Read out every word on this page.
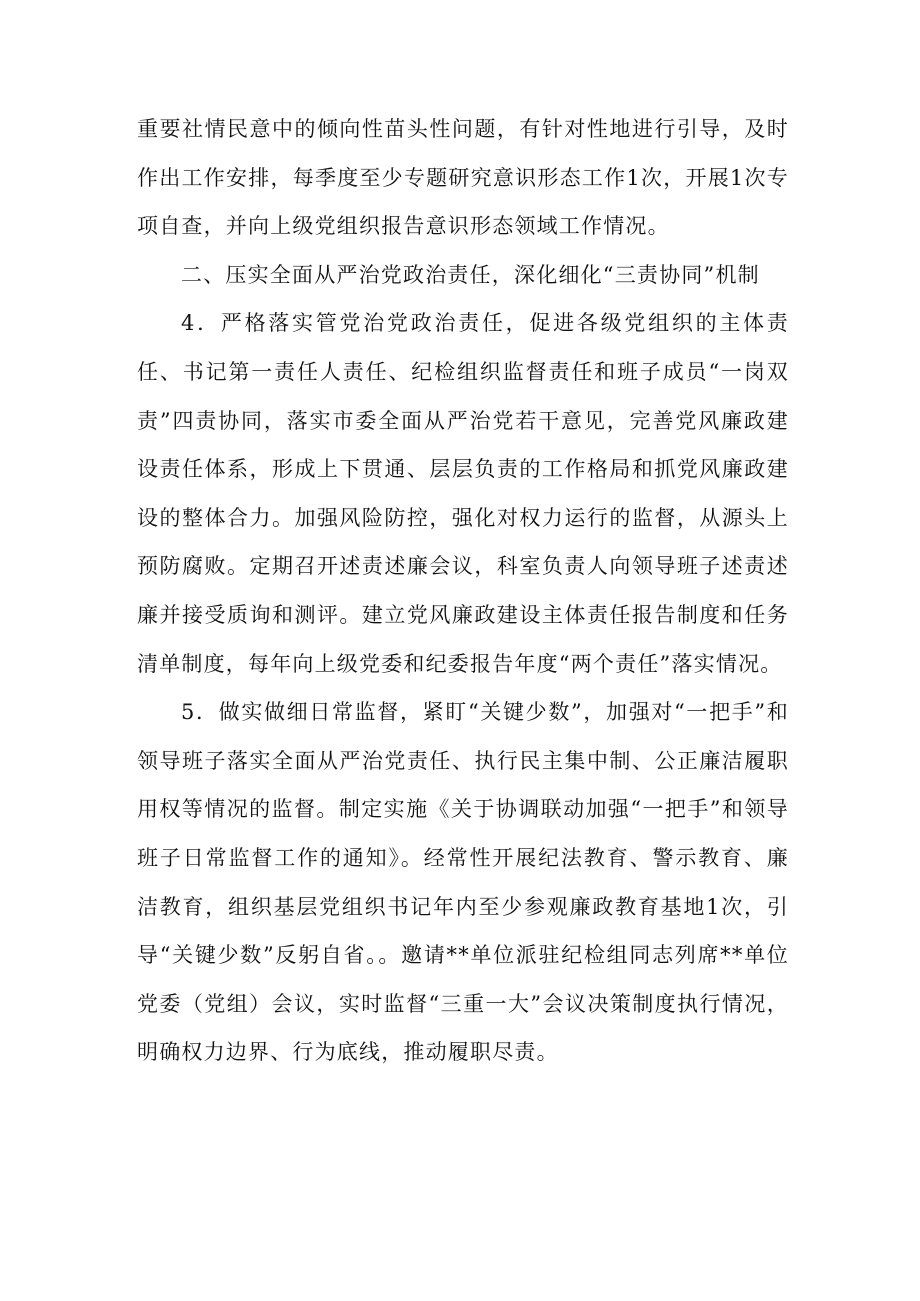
重要社情民意中的倾向性苗头性问题，有针对性地进行引导，及时作出工作安排，每季度至少专题研究意识形态工作1次，开展1次专项自查，并向上级党组织报告意识形态领域工作情况。

二、压实全面从严治党政治责任，深化细化“三责协同”机制

4．严格落实管党治党政治责任，促进各级党组织的主体责任、书记第一责任人责任、纪检组织监督责任和班子成员“一岗双责”四责协同，落实市委全面从严治党若干意见，完善党风廉政建设责任体系，形成上下贯通、层层负责的工作格局和抓党风廉政建设的整体合力。加强风险防控，强化对权力运行的监督，从源头上预防腐败。定期召开述责述廉会议，科室负责人向领导班子述责述廉并接受质询和测评。建立党风廉政建设主体责任报告制度和任务清单制度，每年向上级党委和纪委报告年度“两个责任”落实情况。

5．做实做细日常监督，紧盯“关键少数”，加强对“一把手”和领导班子落实全面从严治党责任、执行民主集中制、公正廉洁履职用权等情况的监督。制定实施《关于协调联动加强“一把手”和领导班子日常监督工作的通知》。经常性开展纪法教育、警示教育、廉洁教育，组织基层党组织书记年内至少参观廉政教育基地1次，引导“关键少数”反躬自省。。邀请**单位派驻纪检组同志列席**单位党委（党组）会议，实时监督“三重一大”会议决策制度执行情况，明确权力边界、行为底线，推动履职尽责。
